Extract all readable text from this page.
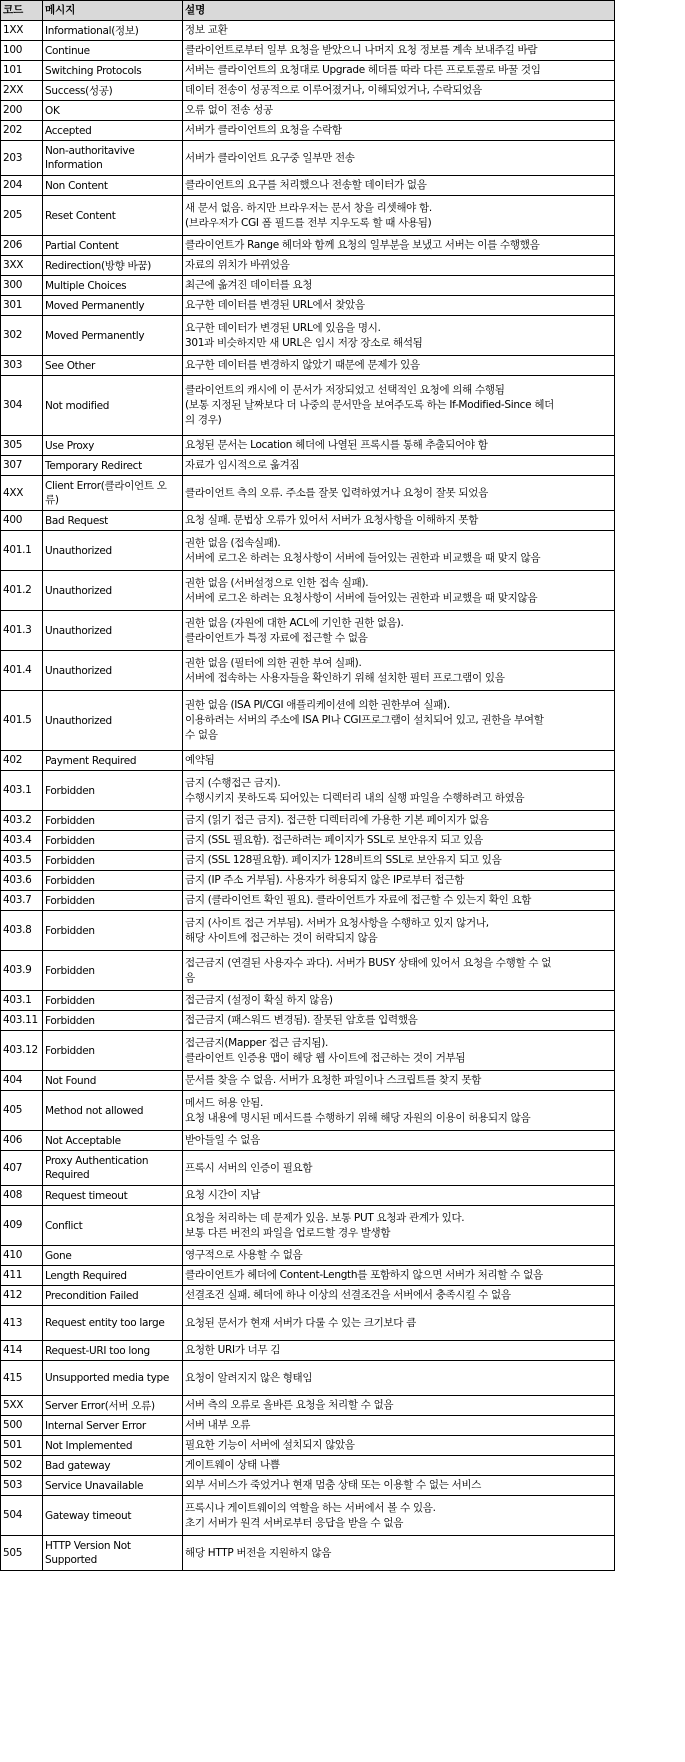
코드	메시지	설명
1XX	Informational(정보)	정보 교환
100	Continue	클라이언트로부터 일부 요청을 받았으니 나머지 요청 정보를 계속 보내주길 바람
101	Switching Protocols	서버는 클라이언트의 요청대로 Upgrade 헤더를 따라 다른 프로토콜로 바꿀 것임
2XX	Success(성공)	데이터 전송이 성공적으로 이루어졌거나, 이해되었거나, 수락되었음
200	OK	오류 없이 전송 성공
202	Accepted	서버가 클라이언트의 요청을 수락함
203	Non-authoritavive Information	서버가 클라이언트 요구중 일부만 전송
204	Non Content	클라이언트의 요구를 처리했으나 전송할 데이터가 없음
205	Reset Content	새 문서 없음. 하지만 브라우저는 문서 창을 리셋해야 함.
(브라우저가 CGI 폼 필드를 전부 지우도록 할 때 사용됨)
206	Partial Content	클라이언트가 Range 헤더와 함께 요청의 일부분을 보냈고 서버는 이를 수행했음
3XX	Redirection(방향 바꿈)	자료의 위치가 바뀌었음
300	Multiple Choices	최근에 옮겨진 데이터를 요청
301	Moved Permanently	요구한 데이터를 변경된 URL에서 찾았음
302	Moved Permanently	요구한 데이터가 변경된 URL에 있음을 명시.
301과 비슷하지만 새 URL은 임시 저장 장소로 해석됨
303	See Other	요구한 데이터를 변경하지 않았기 때문에 문제가 있음
304	Not modified	클라이언트의 캐시에 이 문서가 저장되었고 선택적인 요청에 의해 수행됨
(보통 지정된 날짜보다 더 나중의 문서만을 보여주도록 하는 If-Modified-Since 헤더
의 경우)
305	Use Proxy	요청된 문서는 Location 헤더에 나열된 프록시를 통해 추출되어야 함
307	Temporary Redirect	자료가 임시적으로 옮겨짐
4XX	Client Error(클라이언트 오류)	클라이언트 측의 오류. 주소를 잘못 입력하였거나 요청이 잘못 되었음
400	Bad Request	요청 실패. 문법상 오류가 있어서 서버가 요청사항을 이해하지 못함
401.1	Unauthorized	권한 없음 (접속실패).
서버에 로그온 하려는 요청사항이 서버에 들어있는 권한과 비교했을 때 맞지 않음
401.2	Unauthorized	권한 없음 (서버설정으로 인한 접속 실패).
서버에 로그온 하려는 요청사항이 서버에 들어있는 권한과 비교했을 때 맞지않음
401.3	Unauthorized	권한 없음 (자원에 대한 ACL에 기인한 권한 없음).
클라이언트가 특정 자료에 접근할 수 없음
401.4	Unauthorized	권한 없음 (필터에 의한 권한 부여 실패).
서버에 접속하는 사용자들을 확인하기 위해 설치한 필터 프로그램이 있음
401.5	Unauthorized	권한 없음 (ISA PI/CGI 애플리케이션에 의한 권한부여 실패).
이용하려는 서버의 주소에 ISA PI나 CGI프로그램이 설치되어 있고, 권한을 부여할
수 없음
402	Payment Required	예약됨
403.1	Forbidden	금지 (수행접근 금지).
수행시키지 못하도록 되어있는 디렉터리 내의 실행 파일을 수행하려고 하였음
403.2	Forbidden	금지 (읽기 접근 금지). 접근한 디렉터리에 가용한 기본 페이지가 없음
403.4	Forbidden	금지 (SSL 필요함). 접근하려는 페이지가 SSL로 보안유지 되고 있음
403.5	Forbidden	금지 (SSL 128필요함). 페이지가 128비트의 SSL로 보안유지 되고 있음
403.6	Forbidden	금지 (IP 주소 거부됨). 사용자가 허용되지 않은 IP로부터 접근함
403.7	Forbidden	금지 (클라이언트 확인 필요). 클라이언트가 자료에 접근할 수 있는지 확인 요함
403.8	Forbidden	금지 (사이트 접근 거부됨). 서버가 요청사항을 수행하고 있지 않거나,
해당 사이트에 접근하는 것이 허락되지 않음
403.9	Forbidden	접근금지 (연결된 사용자수 과다). 서버가 BUSY 상태에 있어서 요청을 수행할 수 없
음
403.1	Forbidden	접근금지 (설정이 확실 하지 않음)
403.11	Forbidden	접근금지 (패스워드 변경됨). 잘못된 암호를 입력했음
403.12	Forbidden	접근금지(Mapper 접근 금지됨).
클라이언트 인증용 맵이 해당 웹 사이트에 접근하는 것이 거부됨
404	Not Found	문서를 찾을 수 없음. 서버가 요청한 파일이나 스크립트를 찾지 못함
405	Method not allowed	메서드 허용 안됨.
요청 내용에 명시된 메서드를 수행하기 위해 해당 자원의 이용이 허용되지 않음
406	Not Acceptable	받아들일 수 없음
407	Proxy Authentication Required	프록시 서버의 인증이 필요함
408	Request timeout	요청 시간이 지남
409	Conflict	요청을 처리하는 데 문제가 있음. 보통 PUT 요청과 관계가 있다.
보통 다른 버전의 파일을 업로드할 경우 발생함
410	Gone	영구적으로 사용할 수 없음
411	Length Required	클라이언트가 헤더에 Content-Length를 포함하지 않으면 서버가 처리할 수 없음
412	Precondition Failed	선결조건 실패. 헤더에 하나 이상의 선결조건을 서버에서 충족시킬 수 없음
413	Request entity too large	요청된 문서가 현재 서버가 다룰 수 있는 크기보다 큼
414	Request-URI too long	요청한 URI가 너무 김
415	Unsupported media type	요청이 알려지지 않은 형태임
5XX	Server Error(서버 오류)	서버 측의 오류로 올바른 요청을 처리할 수 없음
500	Internal Server Error	서버 내부 오류
501	Not Implemented	필요한 기능이 서버에 설치되지 않았음
502	Bad gateway	게이트웨이 상태 나쁨
503	Service Unavailable	외부 서비스가 죽었거나 현재 멈춤 상태 또는 이용할 수 없는 서비스
504	Gateway timeout	프록시나 게이트웨이의 역할을 하는 서버에서 볼 수 있음.
초기 서버가 원격 서버로부터 응답을 받을 수 없음
505	HTTP Version Not Supported	해당 HTTP 버전을 지원하지 않음
